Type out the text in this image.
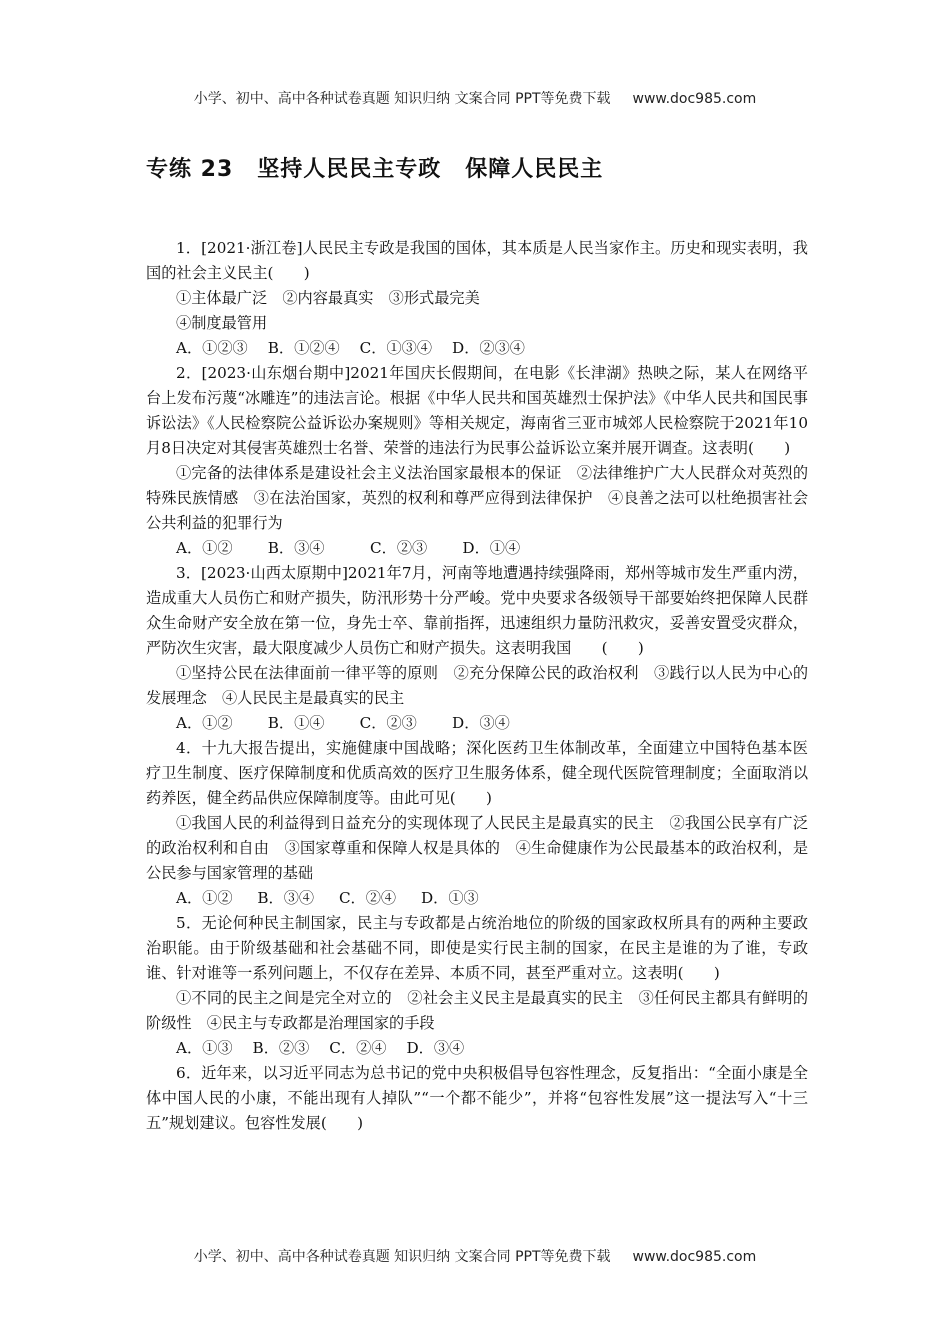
小学、初中、高中各种试卷真题 知识归纳 文案合同 PPT等免费下载 www.doc985.com
专练 23 坚持人民民主专政 保障人民民主

1．[2021·浙江卷]人民民主专政是我国的国体，其本质是人民当家作主。历史和现实表明，我国的社会主义民主(　　)

①主体最广泛　②内容最真实　③形式最完美

④制度最管用

A．①②③　 B．①②④　 C．①③④　 D．②③④

2．[2023·山东烟台期中]2021年国庆长假期间，在电影《长津湖》热映之际，某人在网络平台上发布污蔑“冰雕连”的违法言论。根据《中华人民共和国英雄烈士保护法》《中华人民共和国民事诉讼法》《人民检察院公益诉讼办案规则》等相关规定，海南省三亚市城郊人民检察院于2021年10月8日决定对其侵害英雄烈士名誉、荣誉的违法行为民事公益诉讼立案并展开调查。这表明(　　)

①完备的法律体系是建设社会主义法治国家最根本的保证　②法律维护广大人民群众对英烈的特殊民族情感　③在法治国家，英烈的权利和尊严应得到法律保护　④良善之法可以杜绝损害社会公共利益的犯罪行为

A．①②　　 B．③④　　　C．②③　　 D．①④

3．[2023·山西太原期中]2021年7月，河南等地遭遇持续强降雨，郑州等城市发生严重内涝，造成重大人员伤亡和财产损失，防汛形势十分严峻。党中央要求各级领导干部要始终把保障人民群众生命财产安全放在第一位，身先士卒、靠前指挥，迅速组织力量防汛救灾，妥善安置受灾群众，严防次生灾害，最大限度减少人员伤亡和财产损失。这表明我国　　(　　)

①坚持公民在法律面前一律平等的原则　②充分保障公民的政治权利　③践行以人民为中心的发展理念　④人民民主是最真实的民主

A．①②　　 B．①④　　 C．②③　　 D．③④

4．十九大报告提出，实施健康中国战略；深化医药卫生体制改革，全面建立中国特色基本医疗卫生制度、医疗保障制度和优质高效的医疗卫生服务体系，健全现代医院管理制度；全面取消以药养医，健全药品供应保障制度等。由此可见(　　)

①我国人民的利益得到日益充分的实现体现了人民民主是最真实的民主　②我国公民享有广泛的政治权利和自由　③国家尊重和保障人权是具体的　④生命健康作为公民最基本的政治权利，是公民参与国家管理的基础

A．①②　  B．③④　  C．②④　  D．①③

5．无论何种民主制国家，民主与专政都是占统治地位的阶级的国家政权所具有的两种主要政治职能。由于阶级基础和社会基础不同，即使是实行民主制的国家，在民主是谁的为了谁，专政谁、针对谁等一系列问题上，不仅存在差异、本质不同，甚至严重对立。这表明(　　)

①不同的民主之间是完全对立的　②社会主义民主是最真实的民主　③任何民主都具有鲜明的阶级性　④民主与专政都是治理国家的手段

A．①③　 B．②③　 C．②④　 D．③④

6．近年来，以习近平同志为总书记的党中央积极倡导包容性理念，反复指出：“全面小康是全体中国人民的小康，不能出现有人掉队”“一个都不能少”，并将“包容性发展”这一提法写入“十三五”规划建议。包容性发展(　　)

小学、初中、高中各种试卷真题 知识归纳 文案合同 PPT等免费下载 www.doc985.com
